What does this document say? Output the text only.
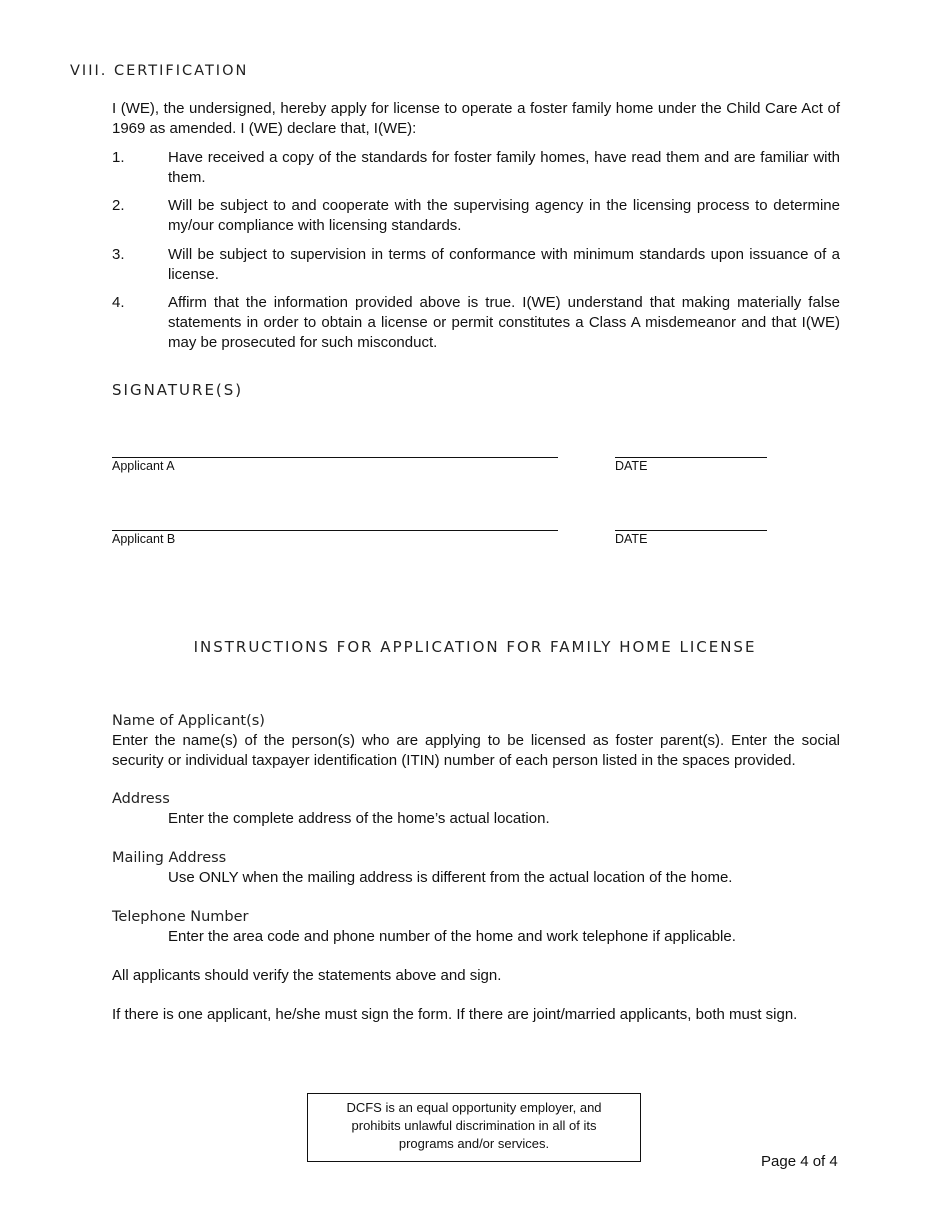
VIII. CERTIFICATION
I (WE), the undersigned, hereby apply for license to operate a foster family home under the Child Care Act of 1969 as amended. I (WE) declare that, I(WE):
1.	Have received a copy of the standards for foster family homes, have read them and are familiar with them.
2.	Will be subject to and cooperate with the supervising agency in the licensing process to determine my/our compliance with licensing standards.
3.	Will be subject to supervision in terms of conformance with minimum standards upon issuance of a license.
4.	Affirm that the information provided above is true. I(WE) understand that making materially false statements in order to obtain a license or permit constitutes a Class A misdemeanor and that I(WE) may be prosecuted for such misconduct.
SIGNATURE(S)
Applicant A	DATE
Applicant B	DATE
INSTRUCTIONS FOR APPLICATION FOR FAMILY HOME LICENSE
Name of Applicant(s)
Enter the name(s) of the person(s) who are applying to be licensed as foster parent(s). Enter the social security or individual taxpayer identification (ITIN) number of each person listed in the spaces provided.
Address
Enter the complete address of the home’s actual location.
Mailing Address
Use ONLY when the mailing address is different from the actual location of the home.
Telephone Number
Enter the area code and phone number of the home and work telephone if applicable.
All applicants should verify the statements above and sign.
If there is one applicant, he/she must sign the form. If there are joint/married applicants, both must sign.
DCFS is an equal opportunity employer, and prohibits unlawful discrimination in all of its programs and/or services.
Page 4 of 4
